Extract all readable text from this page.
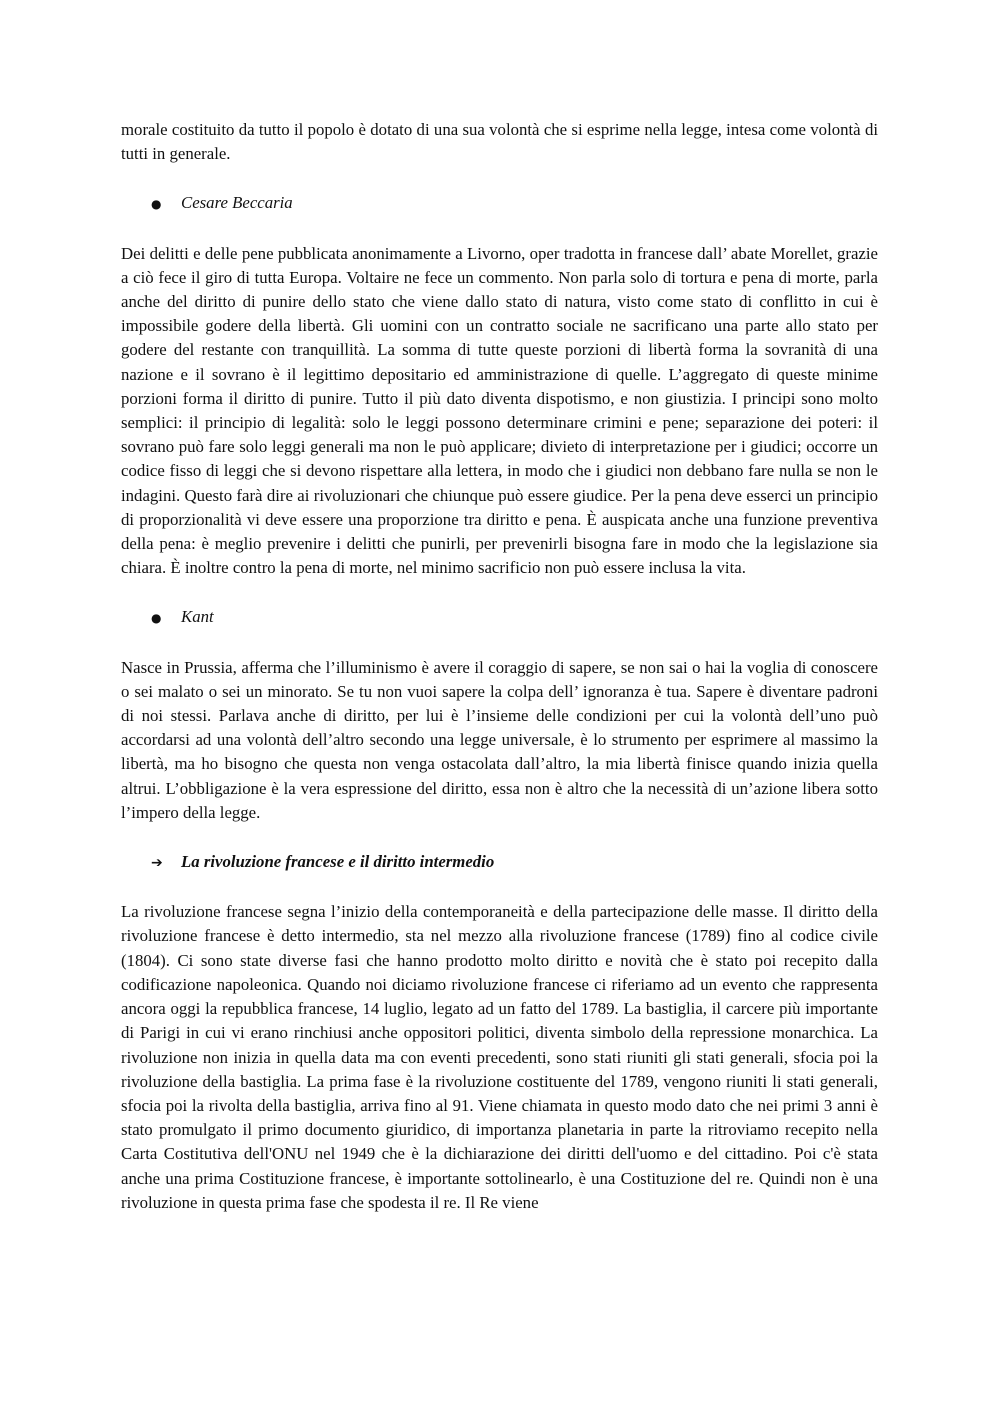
morale costituito da tutto il popolo è dotato di una sua volontà che si esprime nella legge, intesa come volontà di tutti in generale.

●	Cesare Beccaria

Dei delitti e delle pene pubblicata anonimamente a Livorno, oper tradotta in francese dall’ abate Morellet, grazie a ciò fece il giro di tutta Europa. Voltaire ne fece un commento. Non parla solo di tortura e pena di morte, parla anche del diritto di punire dello stato che viene dallo stato di natura, visto come stato di conflitto in cui è impossibile godere della libertà. Gli uomini con un contratto sociale ne sacrificano una parte allo stato per godere del restante con tranquillità. La somma di tutte queste porzioni di libertà forma la sovranità di una nazione e il sovrano è il legittimo depositario ed amministrazione di quelle. L’aggregato di queste minime porzioni forma il diritto di punire. Tutto il più dato diventa dispotismo, e non giustizia. I principi sono molto semplici: il principio di legalità: solo le leggi possono determinare crimini e pene; separazione dei poteri: il sovrano può fare solo leggi generali ma non le può applicare; divieto di interpretazione per i giudici; occorre un codice fisso di leggi che si devono rispettare alla lettera, in modo che i giudici non debbano fare nulla se non le indagini. Questo farà dire ai rivoluzionari che chiunque può essere giudice. Per la pena deve esserci un principio di proporzionalità vi deve essere una proporzione tra diritto e pena. È auspicata anche una funzione preventiva della pena: è meglio prevenire i delitti che punirli, per prevenirli bisogna fare in modo che la legislazione sia chiara. È inoltre contro la pena di morte, nel minimo sacrificio non può essere inclusa la vita.

●	Kant

Nasce in Prussia, afferma che l’illuminismo è avere il coraggio di sapere, se non sai o hai la voglia di conoscere o sei malato o sei un minorato. Se tu non vuoi sapere la colpa dell’ ignoranza è tua. Sapere è diventare padroni di noi stessi. Parlava anche di diritto, per lui è l’insieme delle condizioni per cui la volontà dell’uno può accordarsi ad una volontà dell’altro secondo una legge universale, è lo strumento per esprimere al massimo la libertà, ma ho bisogno che questa non venga ostacolata dall’altro, la mia libertà finisce quando inizia quella altrui. L’obbligazione è la vera espressione del diritto, essa non è altro che la necessità di un’azione libera sotto l’impero della legge.

➔	La rivoluzione francese e il diritto intermedio

La rivoluzione francese segna l’inizio della contemporaneità e della partecipazione delle masse. Il diritto della rivoluzione francese è detto intermedio, sta nel mezzo alla rivoluzione francese (1789) fino al codice civile (1804). Ci sono state diverse fasi che hanno prodotto molto diritto e novità che è stato poi recepito dalla codificazione napoleonica. Quando noi diciamo rivoluzione francese ci riferiamo ad un evento che rappresenta ancora oggi la repubblica francese, 14 luglio, legato ad un fatto del 1789. La bastiglia, il carcere più importante di Parigi in cui vi erano rinchiusi anche oppositori politici, diventa simbolo della repressione monarchica. La rivoluzione non inizia in quella data ma con eventi precedenti, sono stati riuniti gli stati generali, sfocia poi la rivoluzione della bastiglia. La prima fase è la rivoluzione costituente del 1789, vengono riuniti li stati generali, sfocia poi la rivolta della bastiglia, arriva fino al 91. Viene chiamata in questo modo dato che nei primi 3 anni è stato promulgato il primo documento giuridico, di importanza planetaria in parte la ritroviamo recepito nella Carta Costitutiva dell'ONU nel 1949 che è la dichiarazione dei diritti dell'uomo e del cittadino. Poi c'è stata anche una prima Costituzione francese, è importante sottolinearlo, è una Costituzione del re. Quindi non è una rivoluzione in questa prima fase che spodesta il re. Il Re viene
